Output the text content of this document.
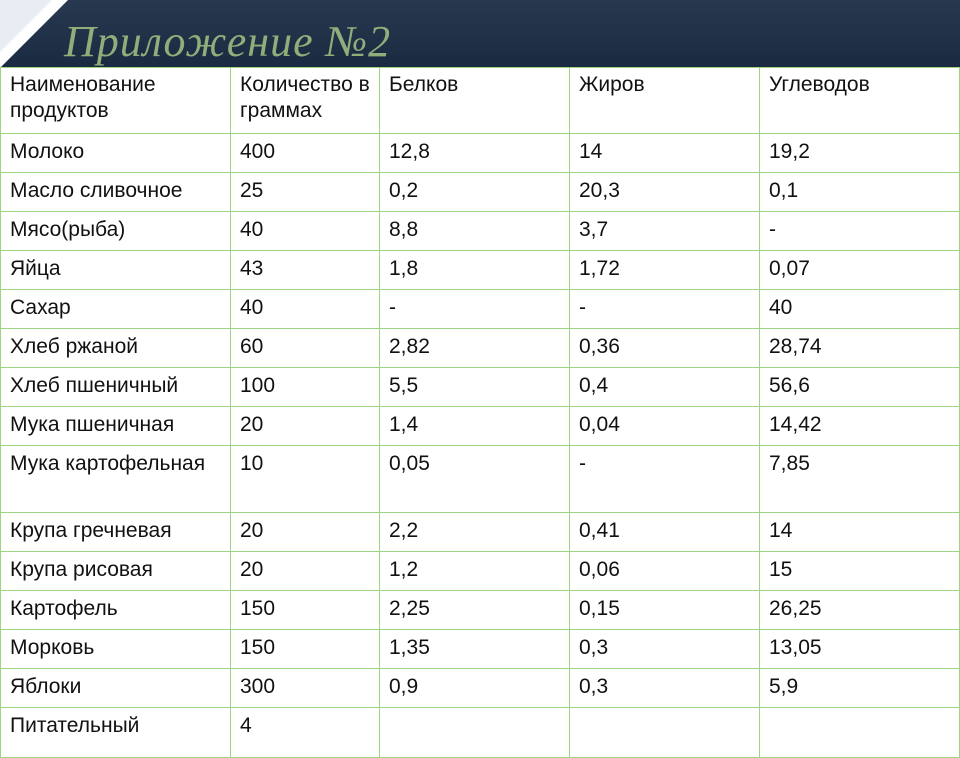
Приложение №2
Наименование продуктов	Количество в граммах	Белков	Жиров	Углеводов
Молоко	400	12,8	14	19,2
Масло сливочное	25	0,2	20,3	0,1
Мясо(рыба)	40	8,8	3,7	-
Яйца	43	1,8	1,72	0,07
Сахар	40	-	-	40
Хлеб ржаной	60	2,82	0,36	28,74
Хлеб пшеничный	100	5,5	0,4	56,6
Мука пшеничная	20	1,4	0,04	14,42
Мука картофельная	10	0,05	-	7,85
Крупа гречневая	20	2,2	0,41	14
Крупа рисовая	20	1,2	0,06	15
Картофель	150	2,25	0,15	26,25
Морковь	150	1,35	0,3	13,05
Яблоки	300	0,9	0,3	5,9
Питательный	4			
